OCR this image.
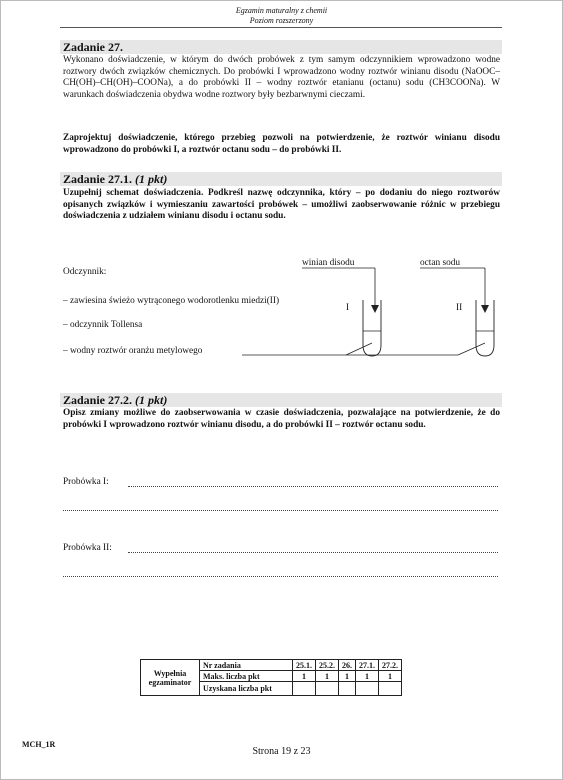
Egzamin maturalny z chemii
Poziom rozszerzony
Zadanie 27.
Wykonano doświadczenie, w którym do dwóch probówek z tym samym odczynnikiem wprowadzono wodne roztwory dwóch związków chemicznych. Do probówki I wprowadzono wodny roztwór winianu disodu (NaOOC–CH(OH)–CH(OH)–COONa), a do probówki II – wodny roztwór etanianu (octanu) sodu (CH3COONa). W warunkach doświadczenia obydwa wodne roztwory były bezbarwnymi cieczami.
Zaprojektuj doświadczenie, którego przebieg pozwoli na potwierdzenie, że roztwór winianu disodu wprowadzono do probówki I, a roztwór octanu sodu – do probówki II.
Zadanie 27.1. (1 pkt)
Uzupełnij schemat doświadczenia. Podkreśl nazwę odczynnika, który – po dodaniu do niego roztworów opisanych związków i wymieszaniu zawartości probówek – umożliwi zaobserwowanie różnic w przebiegu doświadczenia z udziałem winianu disodu i octanu sodu.
Odczynnik:
– zawiesina świeżo wytrąconego wodorotlenku miedzi(II)
– odczynnik Tollensa
– wodny roztwór oranżu metylowego
winian disodu	octan sodu
I	II
Zadanie 27.2. (1 pkt)
Opisz zmiany możliwe do zaobserwowania w czasie doświadczenia, pozwalające na potwierdzenie, że do probówki I wprowadzono roztwór winianu disodu, a do probówki II – roztwór octanu sodu.
Probówka I:
Probówka II:
Wypełnia egzaminator	Nr zadania	25.1.	25.2.	26.	27.1.	27.2.
	Maks. liczba pkt	1	1	1	1	1
	Uzyskana liczba pkt					
MCH_1R
Strona 19 z 23
